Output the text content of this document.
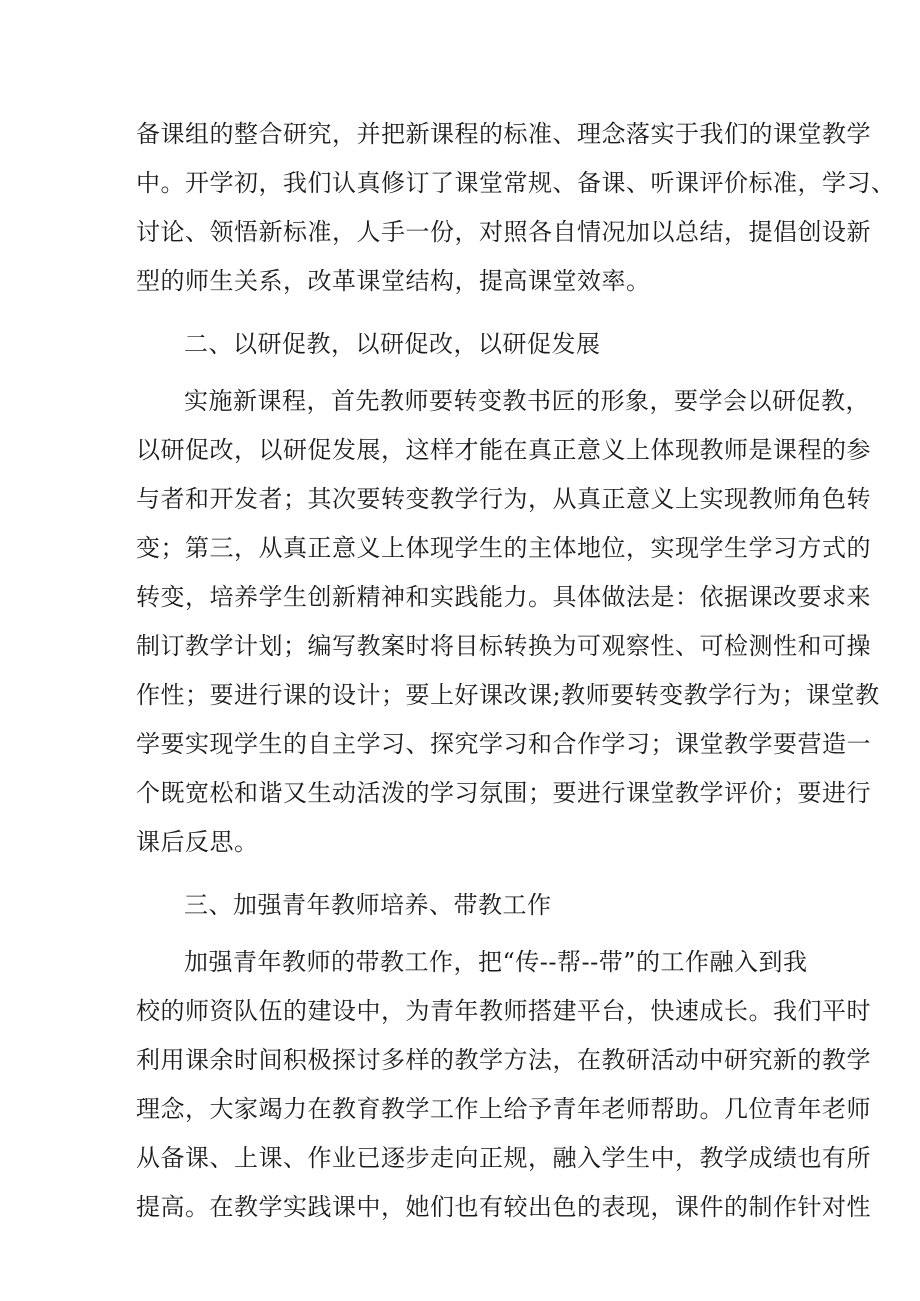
备课组的整合研究，并把新课程的标准、理念落实于我们的课堂教学
中。开学初，我们认真修订了课堂常规、备课、听课评价标准，学习、
讨论、领悟新标准，人手一份，对照各自情况加以总结，提倡创设新
型的师生关系，改革课堂结构，提高课堂效率。
二、以研促教，以研促改，以研促发展
实施新课程，首先教师要转变教书匠的形象，要学会以研促教，
以研促改，以研促发展，这样才能在真正意义上体现教师是课程的参
与者和开发者；其次要转变教学行为，从真正意义上实现教师角色转
变；第三，从真正意义上体现学生的主体地位，实现学生学习方式的
转变，培养学生创新精神和实践能力。具体做法是：依据课改要求来
制订教学计划；编写教案时将目标转换为可观察性、可检测性和可操
作性；要进行课的设计；要上好课改课;教师要转变教学行为；课堂教
学要实现学生的自主学习、探究学习和合作学习；课堂教学要营造一
个既宽松和谐又生动活泼的学习氛围；要进行课堂教学评价；要进行
课后反思。
三、加强青年教师培养、带教工作
加强青年教师的带教工作，把“传--帮--带”的工作融入到我
校的师资队伍的建设中，为青年教师搭建平台，快速成长。我们平时
利用课余时间积极探讨多样的教学方法，在教研活动中研究新的教学
理念，大家竭力在教育教学工作上给予青年老师帮助。几位青年老师
从备课、上课、作业已逐步走向正规，融入学生中，教学成绩也有所
提高。在教学实践课中，她们也有较出色的表现，课件的制作针对性
